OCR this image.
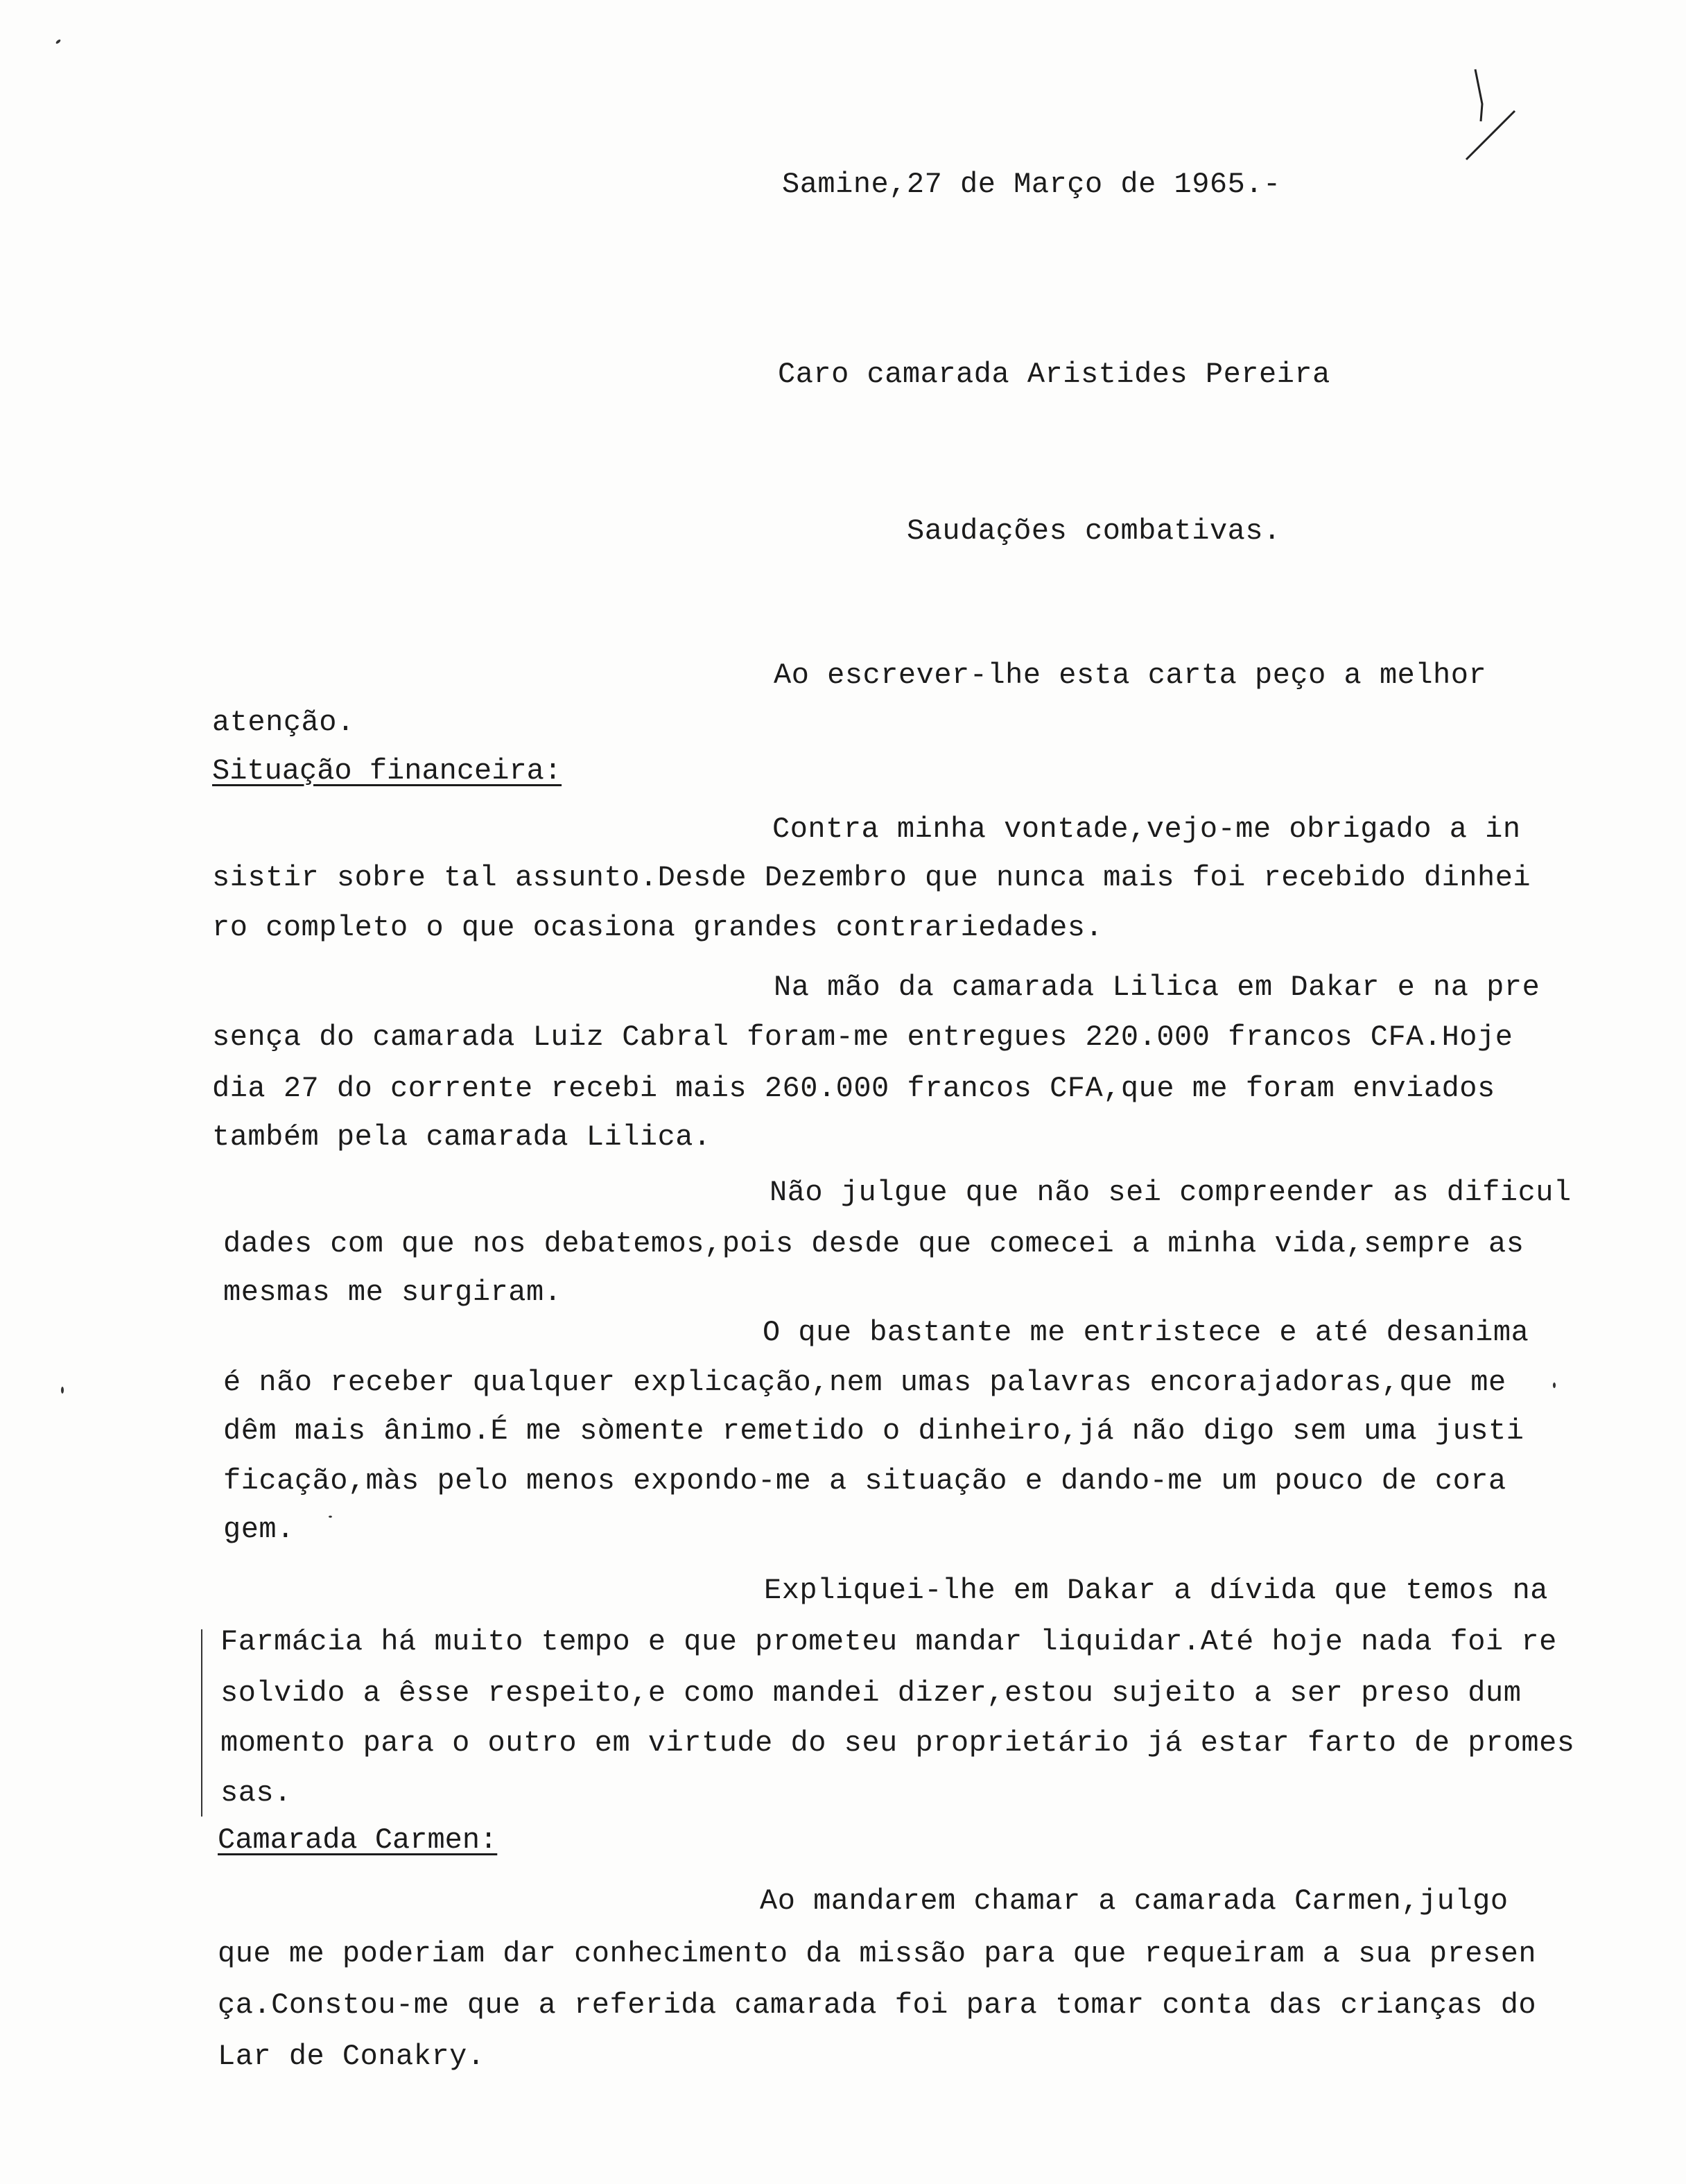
Samine,27 de Março de 1965.-
Caro camarada Aristides Pereira
Saudações combativas.
Ao escrever-lhe esta carta peço a melhor
atenção.
Situação financeira:
Contra minha vontade,vejo-me obrigado a in
sistir sobre tal assunto.Desde Dezembro que nunca mais foi recebido dinhei
ro completo o que ocasiona grandes contrariedades.
Na mão da camarada Lilica em Dakar e na pre
sença do camarada Luiz Cabral foram-me entregues 220.000 francos CFA.Hoje
dia 27 do corrente recebi mais 260.000 francos CFA,que me foram enviados
também pela camarada Lilica.
Não julgue que não sei compreender as dificul
dades com que nos debatemos,pois desde que comecei a minha vida,sempre as
mesmas me surgiram.
O que bastante me entristece e até desanima
é não receber qualquer explicação,nem umas palavras encorajadoras,que me
dêm mais ânimo.É me sòmente remetido o dinheiro,já não digo sem uma justi
ficação,màs pelo menos expondo-me a situação e dando-me um pouco de cora
gem.
Expliquei-lhe em Dakar a dívida que temos na
Farmácia há muito tempo e que prometeu mandar liquidar.Até hoje nada foi re
solvido a êsse respeito,e como mandei dizer,estou sujeito a ser preso dum
momento para o outro em virtude do seu proprietário já estar farto de promes
sas.
Camarada Carmen:
Ao mandarem chamar a camarada Carmen,julgo
que me poderiam dar conhecimento da missão para que requeiram a sua presen
ça.Constou-me que a referida camarada foi para tomar conta das crianças do
Lar de Conakry.
